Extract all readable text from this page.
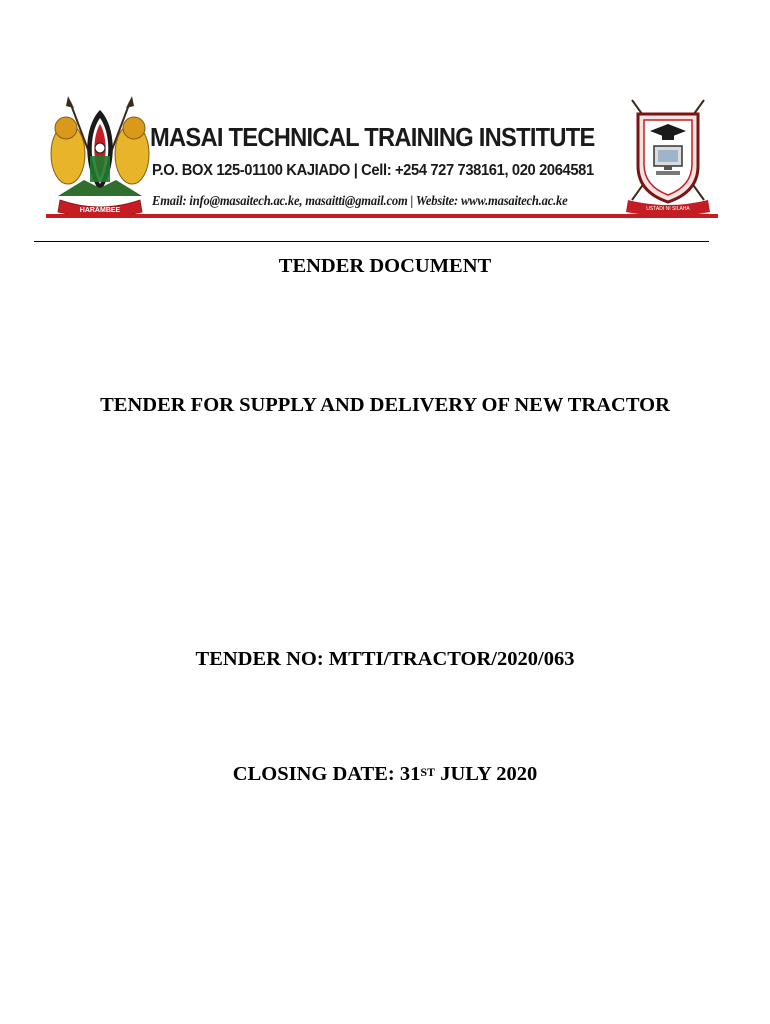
HARAMBEE
MASAI TECHNICAL TRAINING INSTITUTE
P.O. BOX 125-01100 KAJIADO | Cell: +254 727 738161, 020 2064581
Email: info@masaitech.ac.ke, masaitti@gmail.com | Website: www.masaitech.ac.ke
USTADI NI SILAHA
TENDER DOCUMENT
TENDER FOR SUPPLY AND DELIVERY OF NEW TRACTOR
TENDER NO: MTTI/TRACTOR/2020/063
CLOSING DATE: 31ST JULY 2020
